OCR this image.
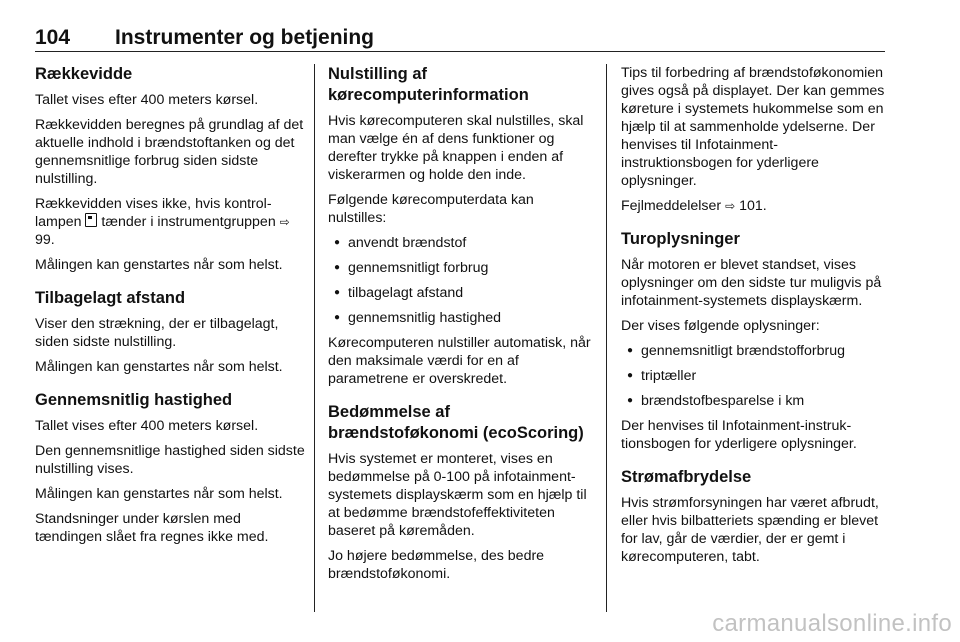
104 Instrumenter og betjening
Rækkevidde

Tallet vises efter 400 meters kørsel.

Rækkevidden beregnes på grundlag af det aktuelle indhold i brændstoftanken og det gennemsnitlige forbrug siden sidste nulstilling.

Rækkevidden vises ikke, hvis kontrollampen  tænder i instrumentgruppen ⇨ 99.

Målingen kan genstartes når som helst.

Tilbagelagt afstand

Viser den strækning, der er tilbagelagt, siden sidste nulstilling.

Målingen kan genstartes når som helst.

Gennemsnitlig hastighed

Tallet vises efter 400 meters kørsel.

Den gennemsnitlige hastighed siden sidste nulstilling vises.

Målingen kan genstartes når som helst.

Standsninger under kørslen med tændingen slået fra regnes ikke med.

Nulstilling af kørecomputerinformation

Hvis kørecomputeren skal nulstilles, skal man vælge én af dens funktioner og derefter trykke på knappen i enden af viskerarmen og holde den inde.

Følgende kørecomputerdata kan nulstilles:

● anvendt brændstof
● gennemsnitligt forbrug
● tilbagelagt afstand
● gennemsnitlig hastighed

Kørecomputeren nulstiller automatisk, når den maksimale værdi for en af parametrene er overskredet.

Bedømmelse af brændstoføkonomi (ecoScoring)

Hvis systemet er monteret, vises en bedømmelse på 0-100 på infotainment-systemets displayskærm som en hjælp til at bedømme brændstofeffektiviteten baseret på køremåden.

Jo højere bedømmelse, des bedre brændstoføkonomi.

Tips til forbedring af brændstoføkonomien gives også på displayet. Der kan gemmes køreture i systemets hukommelse som en hjælp til at sammenholde ydelserne. Der henvises til Infotainment-instruktionsbogen for yderligere oplysninger.

Fejlmeddelelser ⇨ 101.

Turoplysninger

Når motoren er blevet standset, vises oplysninger om den sidste tur muligvis på infotainment-systemets displayskærm.

Der vises følgende oplysninger:

● gennemsnitligt brændstofforbrug
● triptæller
● brændstofbesparelse i km

Der henvises til Infotainment-instruktionsbogen for yderligere oplysninger.

Strømafbrydelse

Hvis strømforsyningen har været afbrudt, eller hvis bilbatteriets spænding er blevet for lav, går de værdier, der er gemt i kørecomputeren, tabt.

carmanualsonline.info
